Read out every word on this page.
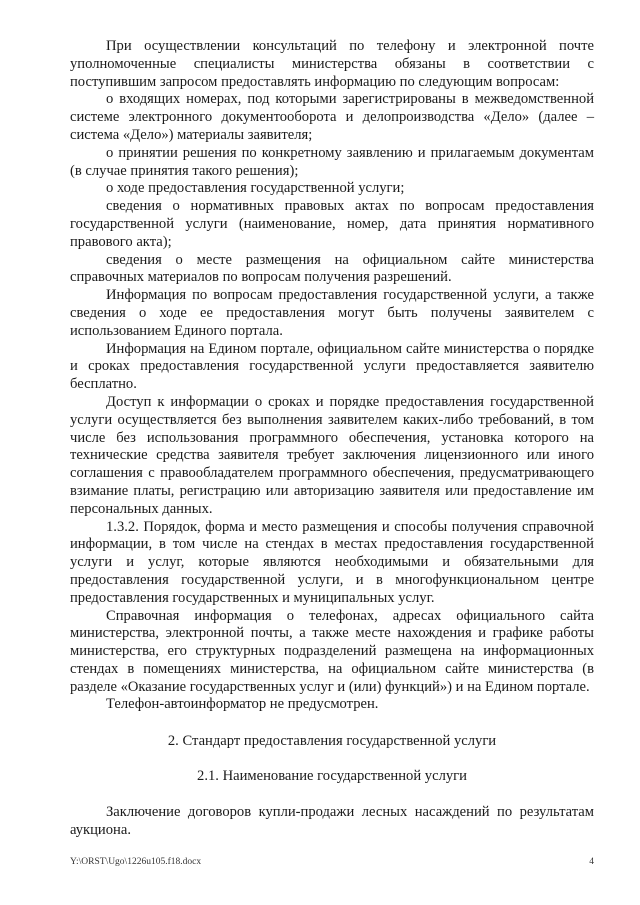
При осуществлении консультаций по телефону и электронной почте уполномоченные специалисты министерства обязаны в соответствии с поступившим запросом предоставлять информацию по следующим вопросам:

о входящих номерах, под которыми зарегистрированы в межведомственной системе электронного документооборота и делопроизводства «Дело» (далее – система «Дело») материалы заявителя;

о принятии решения по конкретному заявлению и прилагаемым документам (в случае принятия такого решения);

о ходе предоставления государственной услуги;

сведения о нормативных правовых актах по вопросам предоставления государственной услуги (наименование, номер, дата принятия нормативного правового акта);

сведения о месте размещения на официальном сайте министерства справочных материалов по вопросам получения разрешений.

Информация по вопросам предоставления государственной услуги, а также сведения о ходе ее предоставления могут быть получены заявителем с использованием Единого портала.

Информация на Едином портале, официальном сайте министерства о порядке и сроках предоставления государственной услуги предоставляется заявителю бесплатно.

Доступ к информации о сроках и порядке предоставления государственной услуги осуществляется без выполнения заявителем каких-либо требований, в том числе без использования программного обеспечения, установка которого на технические средства заявителя требует заключения лицензионного или иного соглашения с правообладателем программного обеспечения, предусматривающего взимание платы, регистрацию или авторизацию заявителя или предоставление им персональных данных.

1.3.2. Порядок, форма и место размещения и способы получения справочной информации, в том числе на стендах в местах предоставления государственной услуги и услуг, которые являются необходимыми и обязательными для предоставления государственной услуги, и в многофункциональном центре предоставления государственных и муниципальных услуг.

Справочная информация о телефонах, адресах официального сайта министерства, электронной почты, а также месте нахождения и графике работы министерства, его структурных подразделений размещена на информационных стендах в помещениях министерства, на официальном сайте министерства (в разделе «Оказание государственных услуг и (или) функций») и на Едином портале.

Телефон-автоинформатор не предусмотрен.

2. Стандарт предоставления государственной услуги

2.1. Наименование государственной услуги

Заключение договоров купли-продажи лесных насаждений по результатам аукциона.

Y:\ORST\Ugo\1226u105.f18.docx	4
